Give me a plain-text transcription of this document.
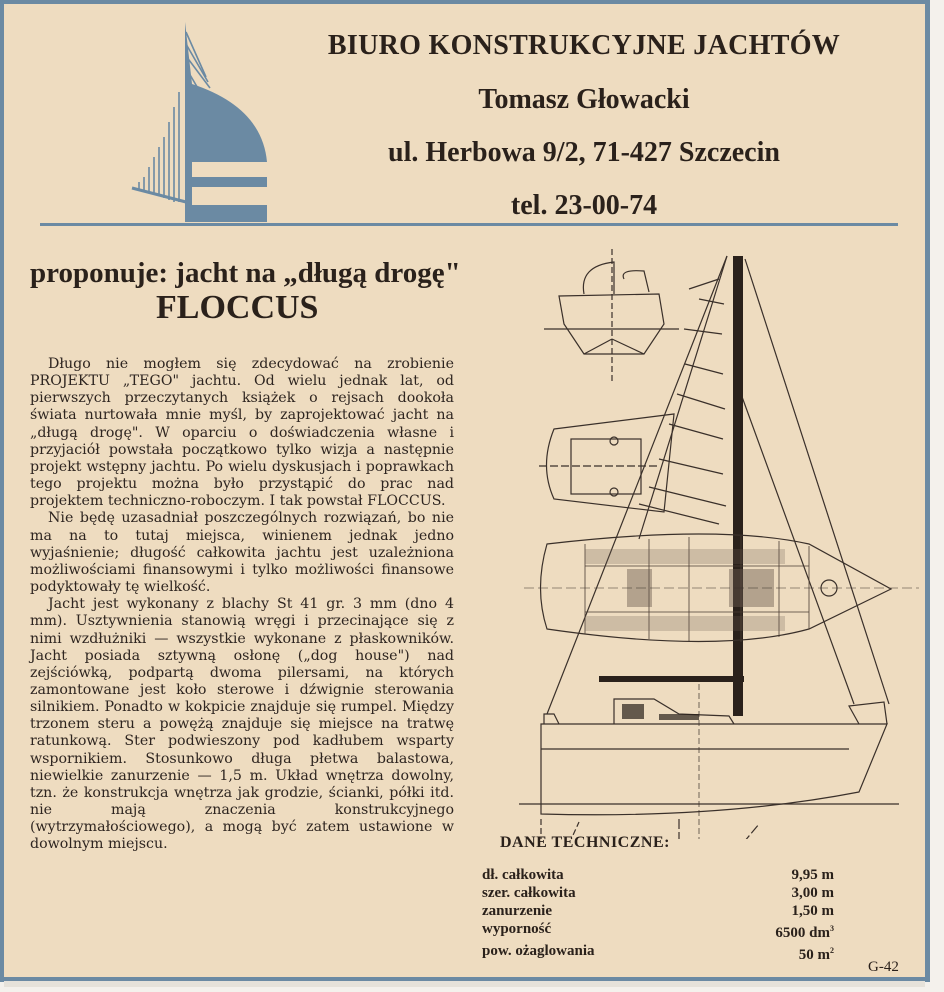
BIURO KONSTRUKCYJNE JACHTÓW
Tomasz Głowacki
ul. Herbowa 9/2, 71-427 Szczecin
tel. 23-00-74
proponuje: jacht na „długą drogę"
FLOCCUS

Długo nie mogłem się zdecydować na zrobienie PROJEKTU „TEGO" jachtu. Od wielu jednak lat, od pierwszych przeczytanych książek o rejsach dookoła świata nurtowała mnie myśl, by zaprojektować jacht na „długą drogę". W oparciu o doświadczenia własne i przyjaciół powstała początkowo tylko wizja a następnie projekt wstępny jachtu. Po wielu dyskusjach i poprawkach tego projektu można było przystąpić do prac nad projektem techniczno-roboczym. I tak powstał FLOCCUS.

Nie będę uzasadniał poszczególnych rozwiązań, bo nie ma na to tutaj miejsca, winienem jednak jedno wyjaśnienie; długość całkowita jachtu jest uzależniona możliwościami finansowymi i tylko możliwości finansowe podyktowały tę wielkość.

Jacht jest wykonany z blachy St 41 gr. 3 mm (dno 4 mm). Usztywnienia stanowią wręgi i przecinające się z nimi wzdłużniki — wszystkie wykonane z płaskowników. Jacht posiada sztywną osłonę („dog house") nad zejściówką, podpartą dwoma pilersami, na których zamontowane jest koło sterowe i dźwignie sterowania silnikiem. Ponadto w kokpicie znajduje się rumpel. Między trzonem steru a powężą znajduje się miejsce na tratwę ratunkową. Ster podwieszony pod kadłubem wsparty wspornikiem. Stosunkowo długa płetwa balastowa, niewielkie zanurzenie — 1,5 m. Układ wnętrza dowolny, tzn. że konstrukcja wnętrza jak grodzie, ścianki, półki itd. nie mają znaczenia konstrukcyjnego (wytrzymałościowego), a mogą być zatem ustawione w dowolnym miejscu.	DANE TECHNICZNE:
dł. całkowita	9,95 m
szer. całkowita	3,00 m
zanurzenie	1,50 m
wyporność	6500 $dm^3$
pow. ożaglowania	50 $m^2$
G-42
